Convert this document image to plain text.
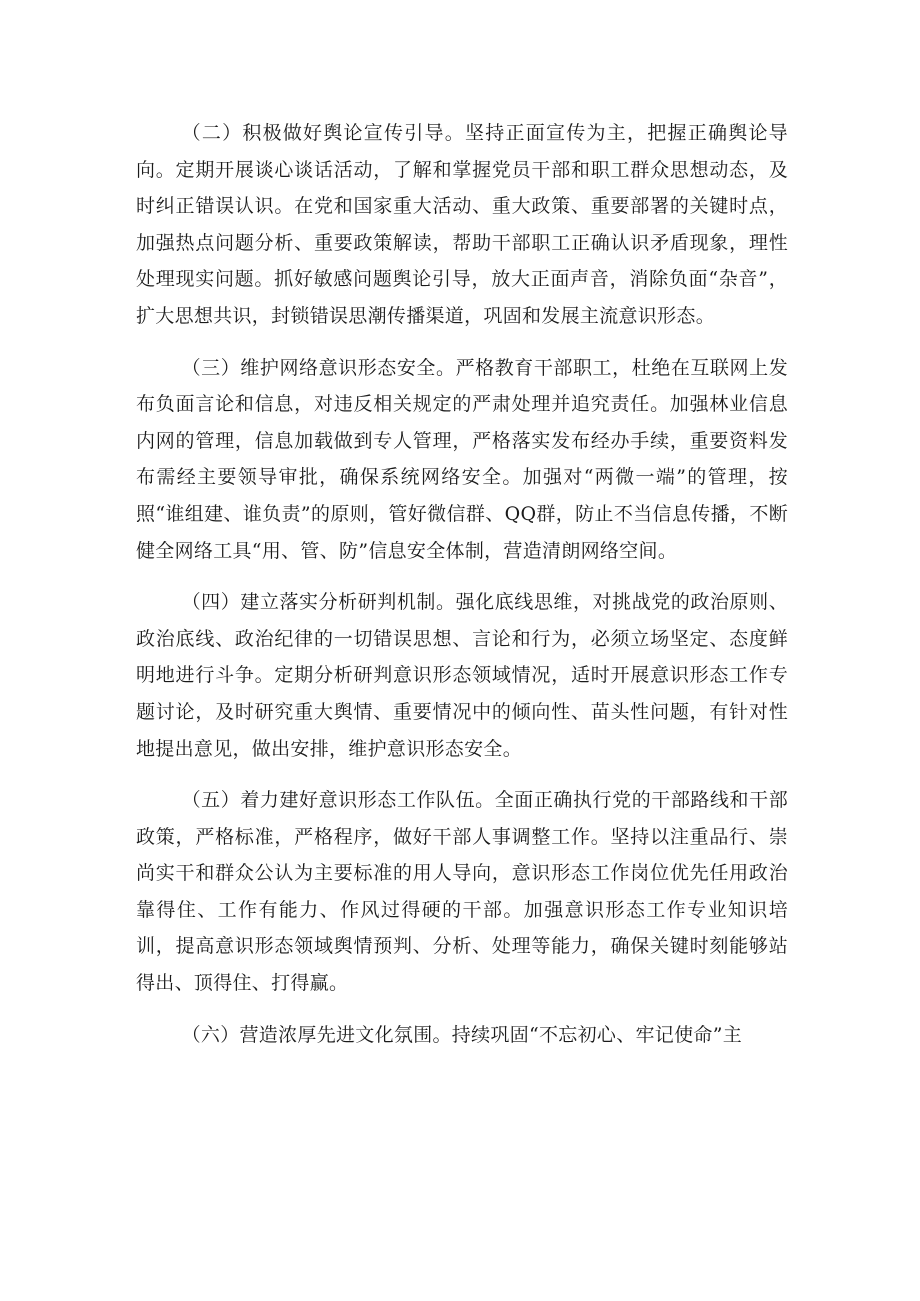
（二）积极做好舆论宣传引导。坚持正面宣传为主，把握正确舆论导向。定期开展谈心谈话活动，了解和掌握党员干部和职工群众思想动态，及时纠正错误认识。在党和国家重大活动、重大政策、重要部署的关键时点，加强热点问题分析、重要政策解读，帮助干部职工正确认识矛盾现象，理性处理现实问题。抓好敏感问题舆论引导，放大正面声音，消除负面“杂音”，扩大思想共识，封锁错误思潮传播渠道，巩固和发展主流意识形态。

（三）维护网络意识形态安全。严格教育干部职工，杜绝在互联网上发布负面言论和信息，对违反相关规定的严肃处理并追究责任。加强林业信息内网的管理，信息加载做到专人管理，严格落实发布经办手续，重要资料发布需经主要领导审批，确保系统网络安全。加强对“两微一端”的管理，按照“谁组建、谁负责”的原则，管好微信群、QQ群，防止不当信息传播，不断健全网络工具“用、管、防”信息安全体制，营造清朗网络空间。

（四）建立落实分析研判机制。强化底线思维，对挑战党的政治原则、政治底线、政治纪律的一切错误思想、言论和行为，必须立场坚定、态度鲜明地进行斗争。定期分析研判意识形态领域情况，适时开展意识形态工作专题讨论，及时研究重大舆情、重要情况中的倾向性、苗头性问题，有针对性地提出意见，做出安排，维护意识形态安全。

（五）着力建好意识形态工作队伍。全面正确执行党的干部路线和干部政策，严格标准，严格程序，做好干部人事调整工作。坚持以注重品行、崇尚实干和群众公认为主要标准的用人导向，意识形态工作岗位优先任用政治靠得住、工作有能力、作风过得硬的干部。加强意识形态工作专业知识培训，提高意识形态领域舆情预判、分析、处理等能力，确保关键时刻能够站得出、顶得住、打得赢。

（六）营造浓厚先进文化氛围。持续巩固“不忘初心、牢记使命”主
